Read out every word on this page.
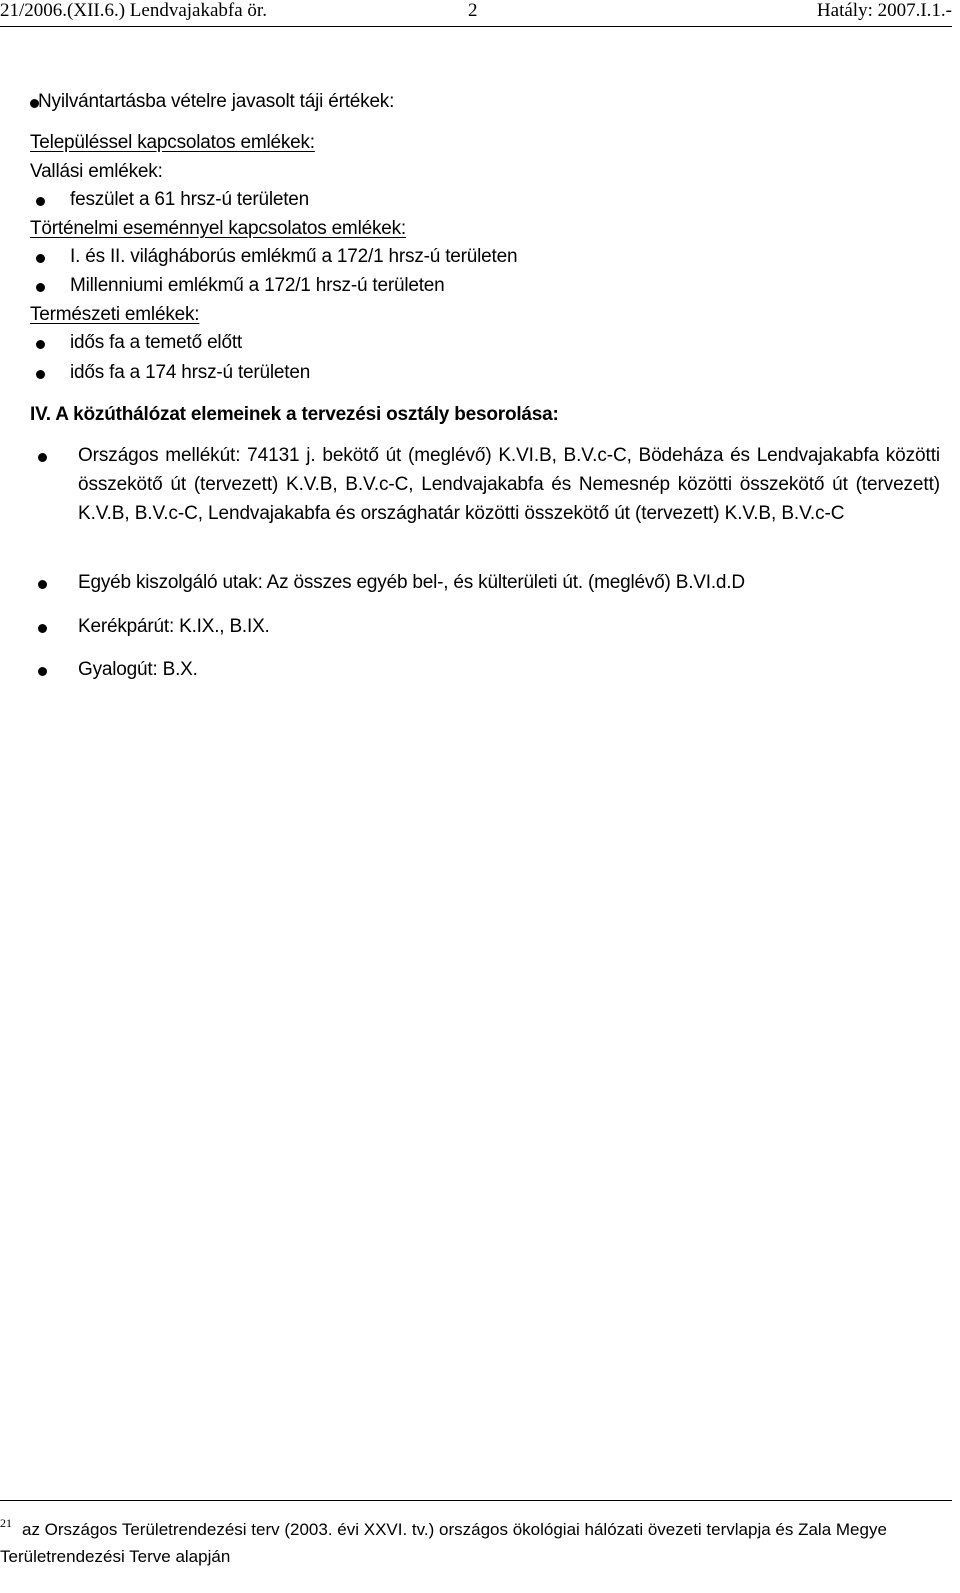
21/2006.(XII.6.) Lendvajakabfa ör.	2	Hatály: 2007.I.1.-
Nyilvántartásba vételre javasolt táji értékek:
Településsel kapcsolatos emlékek:
Vallási emlékek:
feszület a 61 hrsz-ú területen
Történelmi eseménnyel kapcsolatos emlékek:
I. és II. világháborús emlékmű a 172/1 hrsz-ú területen
Millenniumi emlékmű a 172/1 hrsz-ú területen
Természeti emlékek:
idős fa a temető előtt
idős fa a 174 hrsz-ú területen
IV. A közúthálózat elemeinek a tervezési osztály besorolása:
Országos mellékút: 74131 j. bekötő út (meglévő) K.VI.B, B.V.c-C, Bödeháza és Lendvajakabfa közötti összekötő út (tervezett) K.V.B, B.V.c-C, Lendvajakabfa és Nemesnép közötti összekötő út (tervezett) K.V.B, B.V.c-C, Lendvajakabfa és országhatár közötti összekötő út (tervezett) K.V.B, B.V.c-C
Egyéb kiszolgáló utak: Az összes egyéb bel-, és külterületi út. (meglévő) B.VI.d.D
Kerékpárút: K.IX., B.IX.
Gyalogút: B.X.
$^{21}$ az Országos Területrendezési terv (2003. évi XXVI. tv.) országos ökológiai hálózati övezeti tervlapja és Zala Megye
Területrendezési Terve alapján
